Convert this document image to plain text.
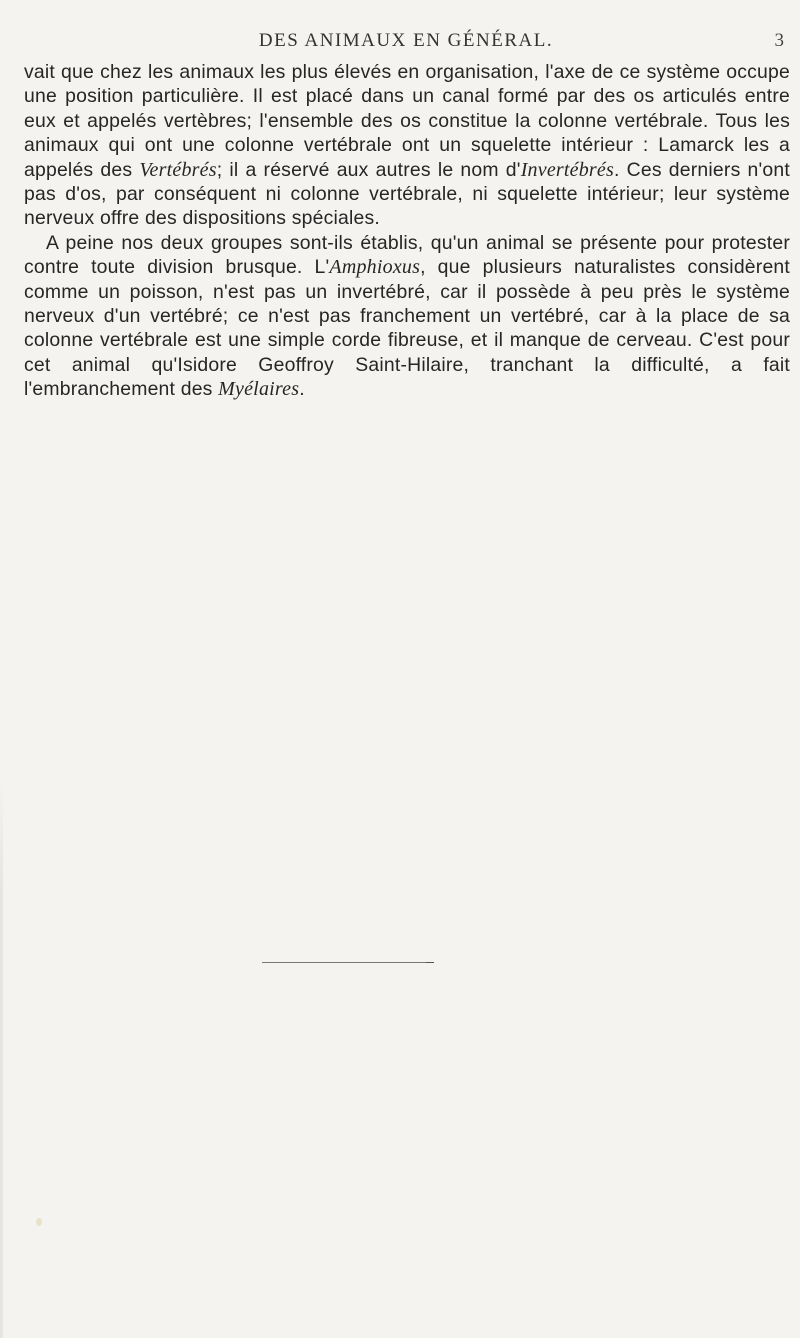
DES ANIMAUX EN GÉNÉRAL.	3

vait que chez les animaux les plus élevés en organisation, l'axe de ce système occupe une position particulière. Il est placé dans un canal formé par des os articulés entre eux et appelés vertèbres; l'ensemble des os constitue la colonne vertébrale. Tous les animaux qui ont une colonne vertébrale ont un squelette intérieur : Lamarck les a appelés des Vertébrés; il a réservé aux autres le nom d'Invertébrés. Ces derniers n'ont pas d'os, par conséquent ni colonne vertébrale, ni squelette intérieur; leur système nerveux offre des dispositions spéciales.

A peine nos deux groupes sont-ils établis, qu'un animal se présente pour protester contre toute division brusque. L'Amphioxus, que plusieurs naturalistes considèrent comme un poisson, n'est pas un invertébré, car il possède à peu près le système nerveux d'un vertébré; ce n'est pas franchement un vertébré, car à la place de sa colonne vertébrale est une simple corde fibreuse, et il manque de cerveau. C'est pour cet animal qu'Isidore Geoffroy Saint-Hilaire, tranchant la difficulté, a fait l'embranchement des Myélaires.
